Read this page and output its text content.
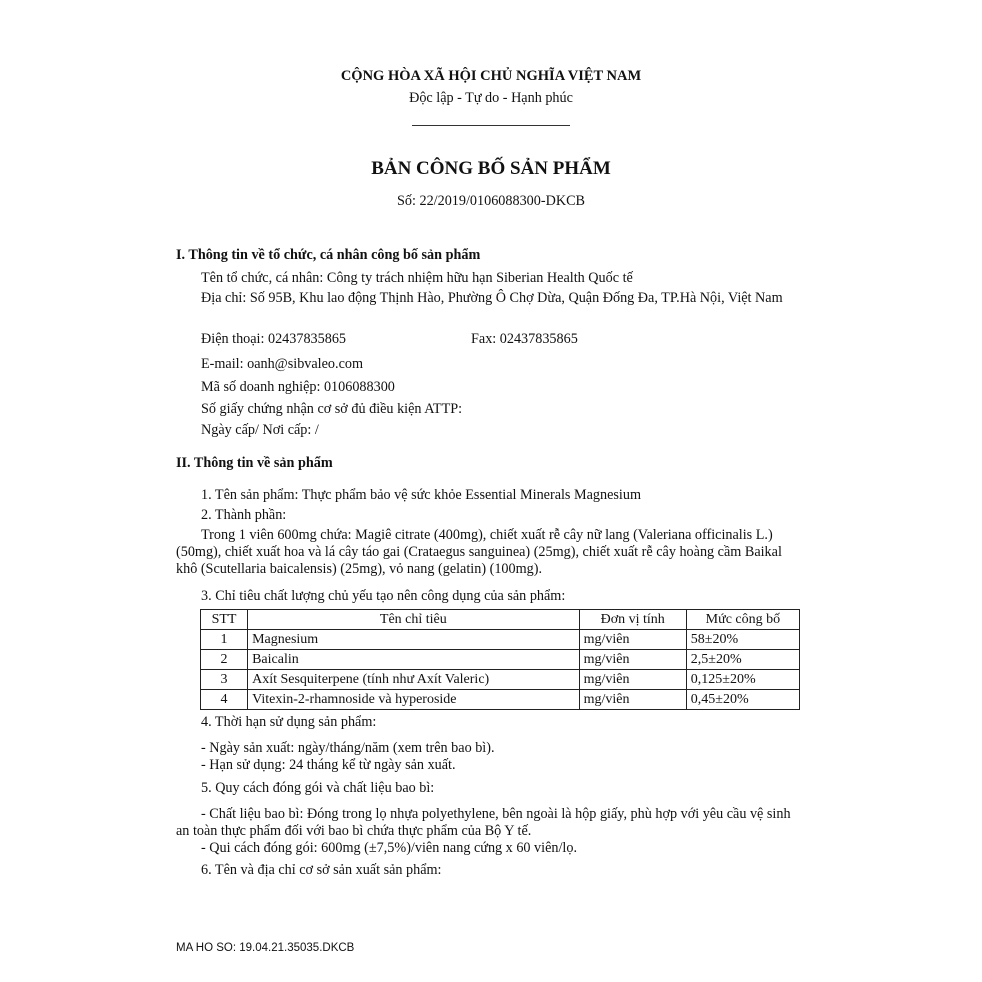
CỘNG HÒA XÃ HỘI CHỦ NGHĨA VIỆT NAM
Độc lập - Tự do - Hạnh phúc
BẢN CÔNG BỐ SẢN PHẨM
Số: 22/2019/0106088300-DKCB
I. Thông tin về tổ chức, cá nhân công bố sản phẩm
Tên tổ chức, cá nhân: Công ty trách nhiệm hữu hạn Siberian Health Quốc tế
Địa chỉ: Số 95B, Khu lao động Thịnh Hào, Phường Ô Chợ Dừa, Quận Đống Đa, TP.Hà Nội, Việt Nam
Điện thoại: 02437835865	Fax: 02437835865
E-mail: oanh@sibvaleo.com
Mã số doanh nghiệp: 0106088300
Số giấy chứng nhận cơ sở đủ điều kiện ATTP:
Ngày cấp/ Nơi cấp: /
II. Thông tin về sản phẩm
1. Tên sản phẩm: Thực phẩm bảo vệ sức khỏe Essential Minerals Magnesium
2. Thành phần:
Trong 1 viên 600mg chứa: Magiê citrate (400mg), chiết xuất rễ cây nữ lang (Valeriana officinalis L.) (50mg), chiết xuất hoa và lá cây táo gai (Crataegus sanguinea) (25mg), chiết xuất rễ cây hoàng cầm Baikal khô (Scutellaria baicalensis) (25mg), vỏ nang (gelatin) (100mg).
3. Chỉ tiêu chất lượng chủ yếu tạo nên công dụng của sản phẩm:
STT	Tên chỉ tiêu	Đơn vị tính	Mức công bố
1	Magnesium	mg/viên	58±20%
2	Baicalin	mg/viên	2,5±20%
3	Axít Sesquiterpene (tính như Axít Valeric)	mg/viên	0,125±20%
4	Vitexin-2-rhamnoside và hyperoside	mg/viên	0,45±20%
4. Thời hạn sử dụng sản phẩm:
- Ngày sản xuất: ngày/tháng/năm (xem trên bao bì).
- Hạn sử dụng: 24 tháng kể từ ngày sản xuất.
5. Quy cách đóng gói và chất liệu bao bì:
- Chất liệu bao bì: Đóng trong lọ nhựa polyethylene, bên ngoài là hộp giấy, phù hợp với yêu cầu vệ sinh an toàn thực phẩm đối với bao bì chứa thực phẩm của Bộ Y tế.
- Qui cách đóng gói: 600mg (±7,5%)/viên nang cứng x 60 viên/lọ.
6. Tên và địa chỉ cơ sở sản xuất sản phẩm:
MA HO SO: 19.04.21.35035.DKCB
